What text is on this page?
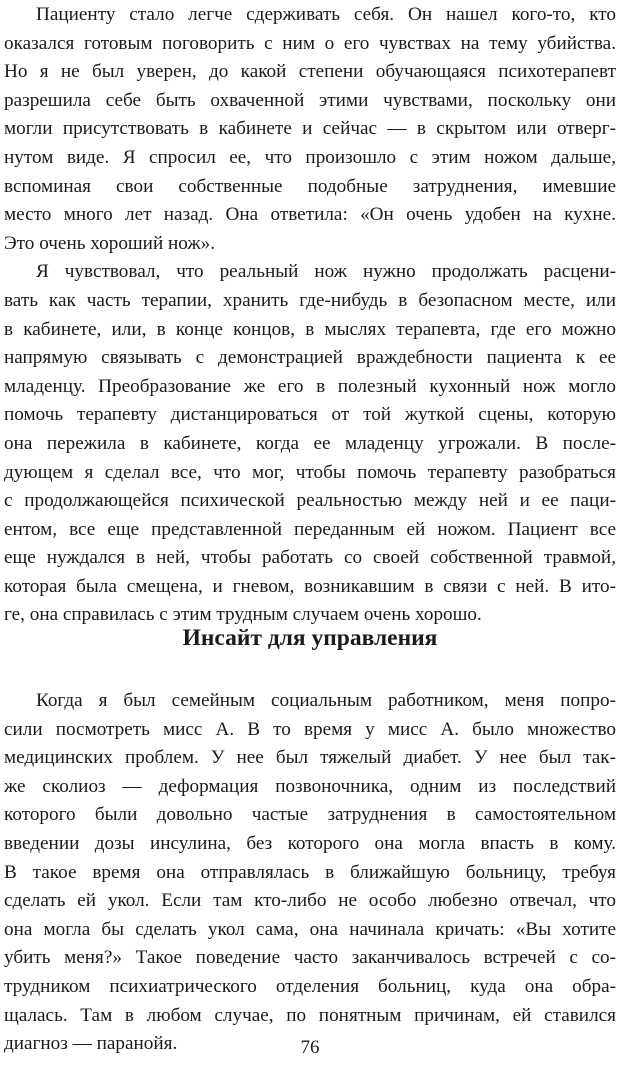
Пациенту стало легче сдерживать себя. Он нашел кого-то, кто
оказался готовым поговорить с ним о его чувствах на тему убийства.
Но я не был уверен, до какой степени обучающаяся психотерапевт
разрешила себе быть охваченной этими чувствами, поскольку они
могли присутствовать в кабинете и сейчас — в скрытом или отверг-
нутом виде. Я спросил ее, что произошло с этим ножом дальше,
вспоминая свои собственные подобные затруднения, имевшие
место много лет назад. Она ответила: «Он очень удобен на кухне.
Это очень хороший нож».
Я чувствовал, что реальный нож нужно продолжать расцени-
вать как часть терапии, хранить где-нибудь в безопасном месте, или
в кабинете, или, в конце концов, в мыслях терапевта, где его можно
напрямую связывать с демонстрацией враждебности пациента к ее
младенцу. Преобразование же его в полезный кухонный нож могло
помочь терапевту дистанцироваться от той жуткой сцены, которую
она пережила в кабинете, когда ее младенцу угрожали. В после-
дующем я сделал все, что мог, чтобы помочь терапевту разобраться
с продолжающейся психической реальностью между ней и ее паци-
ентом, все еще представленной переданным ей ножом. Пациент все
еще нуждался в ней, чтобы работать со своей собственной травмой,
которая была смещена, и гневом, возникавшим в связи с ней. В ито-
ге, она справилась с этим трудным случаем очень хорошо.
Инсайт для управления
Когда я был семейным социальным работником, меня попро-
сили посмотреть мисс А. В то время у мисс А. было множество
медицинских проблем. У нее был тяжелый диабет. У нее был так-
же сколиоз — деформация позвоночника, одним из последствий
которого были довольно частые затруднения в самостоятельном
введении дозы инсулина, без которого она могла впасть в кому.
В такое время она отправлялась в ближайшую больницу, требуя
сделать ей укол. Если там кто-либо не особо любезно отвечал, что
она могла бы сделать укол сама, она начинала кричать: «Вы хотите
убить меня?» Такое поведение часто заканчивалось встречей с со-
трудником психиатрического отделения больниц, куда она обра-
щалась. Там в любом случае, по понятным причинам, ей ставился
диагноз — паранойя.	76
